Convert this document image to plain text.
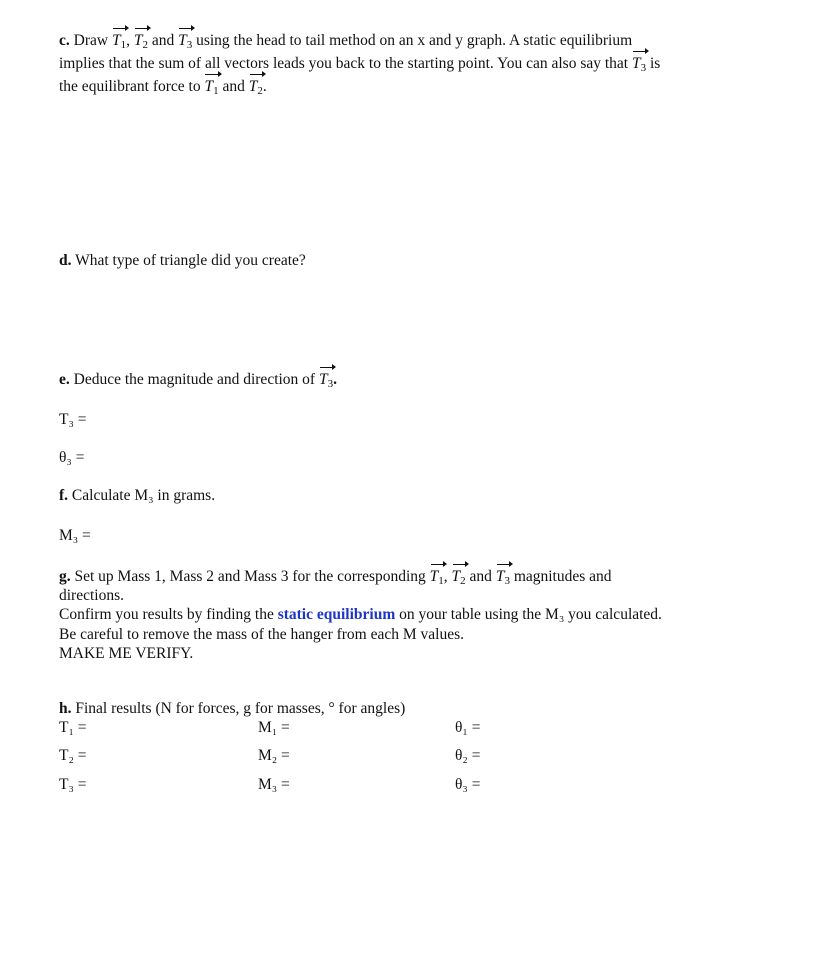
c. Draw $T_1$, $T_2$ and $T_3$ using the head to tail method on an x and y graph. A static equilibrium
implies that the sum of all vectors leads you back to the starting point. You can also say that $T_3$ is
the equilibrant force to $T_1$ and $T_2$.
d. What type of triangle did you create?
e. Deduce the magnitude and direction of $T_3$.
T₃ =
θ₃ =
f. Calculate M₃ in grams.
M₃ =
g. Set up Mass 1, Mass 2 and Mass 3 for the corresponding $T_1$, $T_2$ and $T_3$ magnitudes and
directions.
Confirm you results by finding the static equilibrium on your table using the M₃ you calculated.
Be careful to remove the mass of the hanger from each M values.
MAKE ME VERIFY.
h. Final results (N for forces, g for masses, ° for angles)
T₁ =	M₁ =	θ₁ =
T₂ =	M₂ =	θ₂ =
T₃ =	M₃ =	θ₃ =
